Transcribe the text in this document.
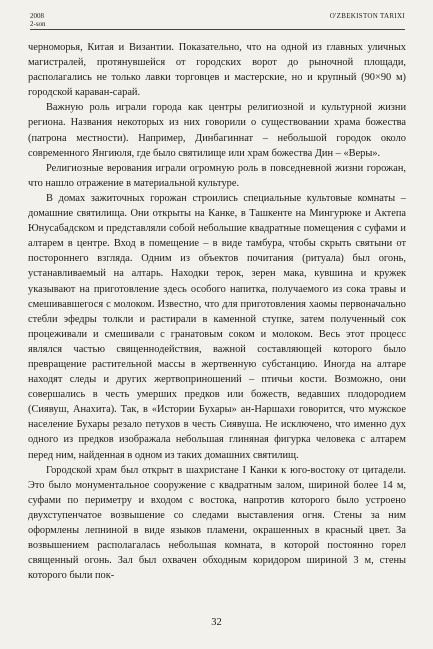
2008
2-son
O'ZBEKISTON TARIXI

черноморья, Китая и Византии. Показательно, что на одной из главных уличных магистралей, протянувшейся от городских ворот до рыночной площади, располагались не только лавки торговцев и мастерские, но и крупный (90×90 м) городской караван-сарай.

Важную роль играли города как центры религиозной и культурной жизни региона. Названия некоторых из них говорили о существовании храма божества (патрона местности). Например, Динбагиннат – небольшой городок около современного Янгиюля, где было святилище или храм божества Дин – «Веры».

Религиозные верования играли огромную роль в повседневной жизни горожан, что нашло отражение в материальной культуре.

В домах зажиточных горожан строились специальные культовые комнаты – домашние святилища. Они открыты на Канке, в Ташкенте на Мингурюке и Актепа Юнусабадском и представляли собой небольшие квадратные помещения с суфами и алтарем в центре. Вход в помещение – в виде тамбура, чтобы скрыть святыни от постороннего взгляда. Одним из объектов почитания (ритуала) был огонь, устанавливаемый на алтарь. Находки терок, зерен мака, кувшина и кружек указывают на приготовление здесь особого напитка, получаемого из сока травы и смешивавшегося с молоком. Известно, что для приготовления хаомы первоначально стебли эфедры толкли и растирали в каменной ступке, затем полученный сок процеживали и смешивали с гранатовым соком и молоком. Весь этот процесс являлся частью священнодействия, важной составляющей которого было превращение растительной массы в жертвенную субстанцию. Иногда на алтаре находят следы и других жертвоприношений – птичьи кости. Возможно, они совершались в честь умерших предков или божеств, ведавших плодородием (Сиявуш, Анахита). Так, в «Истории Бухары» ан-Наршахи говорится, что мужское население Бухары резало петухов в честь Сиявуша. Не исключено, что именно дух одного из предков изображала небольшая глиняная фигурка человека с алтарем перед ним, найденная в одном из таких домашних святилищ.

Городской храм был открыт в шахристане I Канки к юго-востоку от цитадели. Это было монументальное сооружение с квадратным залом, шириной более 14 м, суфами по периметру и входом с востока, напротив которого было устроено двухступенчатое возвышение со следами выставления огня. Стены за ним оформлены лепниной в виде языков пламени, окрашенных в красный цвет. За возвышением располагалась небольшая комната, в которой постоянно горел священный огонь. Зал был охвачен обходным коридором шириной 3 м, стены которого были пок-

32
